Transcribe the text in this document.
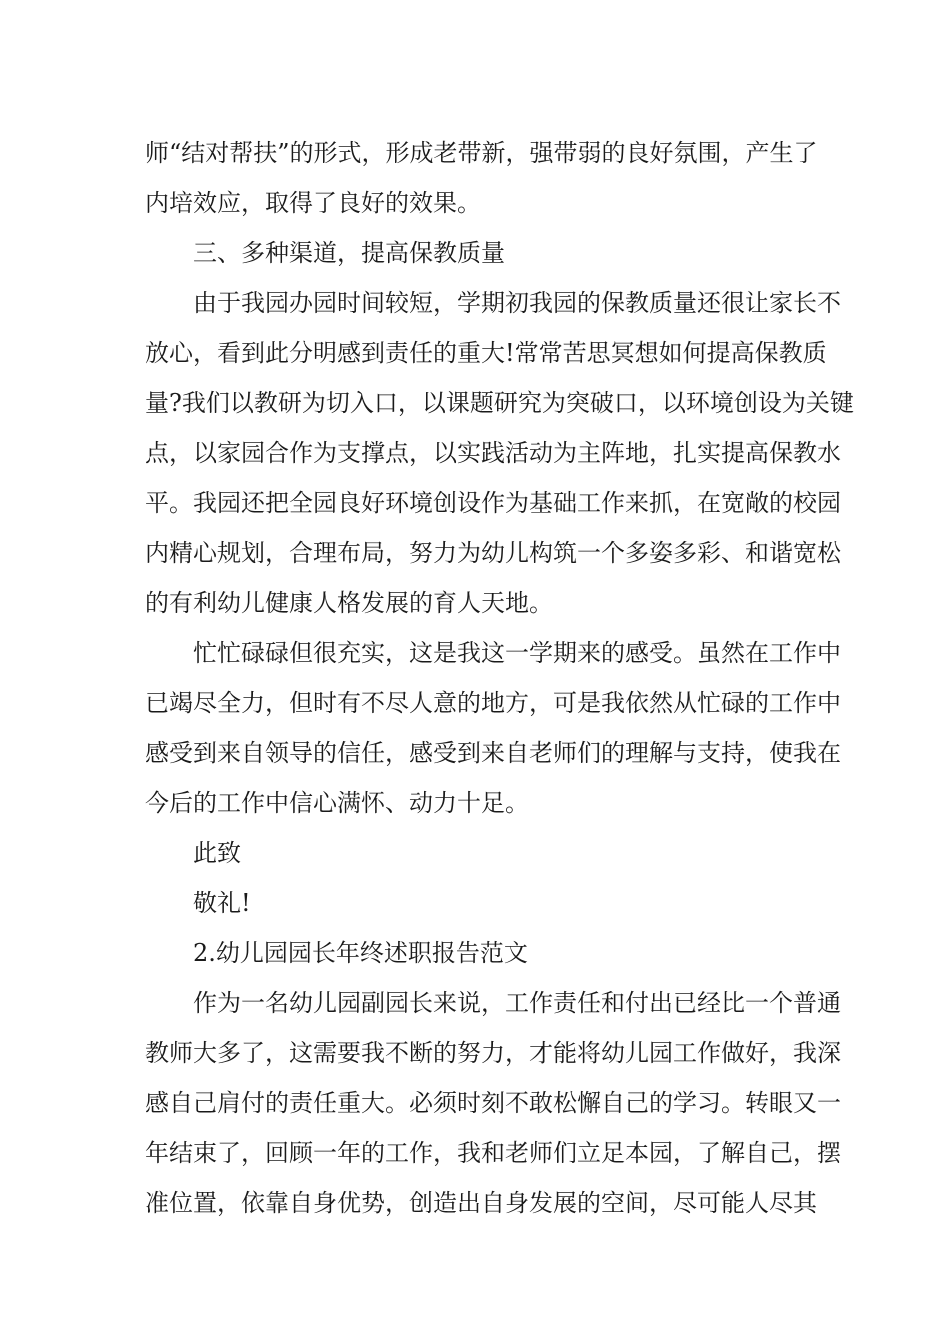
师“结对帮扶”的形式，形成老带新，强带弱的良好氛围，产生了
内培效应，取得了良好的效果。
三、多种渠道，提高保教质量
由于我园办园时间较短，学期初我园的保教质量还很让家长不
放心，看到此分明感到责任的重大!常常苦思冥想如何提高保教质
量?我们以教研为切入口，以课题研究为突破口，以环境创设为关键
点，以家园合作为支撑点，以实践活动为主阵地，扎实提高保教水
平。我园还把全园良好环境创设作为基础工作来抓，在宽敞的校园
内精心规划，合理布局，努力为幼儿构筑一个多姿多彩、和谐宽松
的有利幼儿健康人格发展的育人天地。
忙忙碌碌但很充实，这是我这一学期来的感受。虽然在工作中
已竭尽全力，但时有不尽人意的地方，可是我依然从忙碌的工作中
感受到来自领导的信任，感受到来自老师们的理解与支持，使我在
今后的工作中信心满怀、动力十足。
此致
敬礼!
2.幼儿园园长年终述职报告范文
作为一名幼儿园副园长来说，工作责任和付出已经比一个普通
教师大多了，这需要我不断的努力，才能将幼儿园工作做好，我深
感自己肩付的责任重大。必须时刻不敢松懈自己的学习。转眼又一
年结束了，回顾一年的工作，我和老师们立足本园，了解自己，摆
准位置，依靠自身优势，创造出自身发展的空间，尽可能人尽其
